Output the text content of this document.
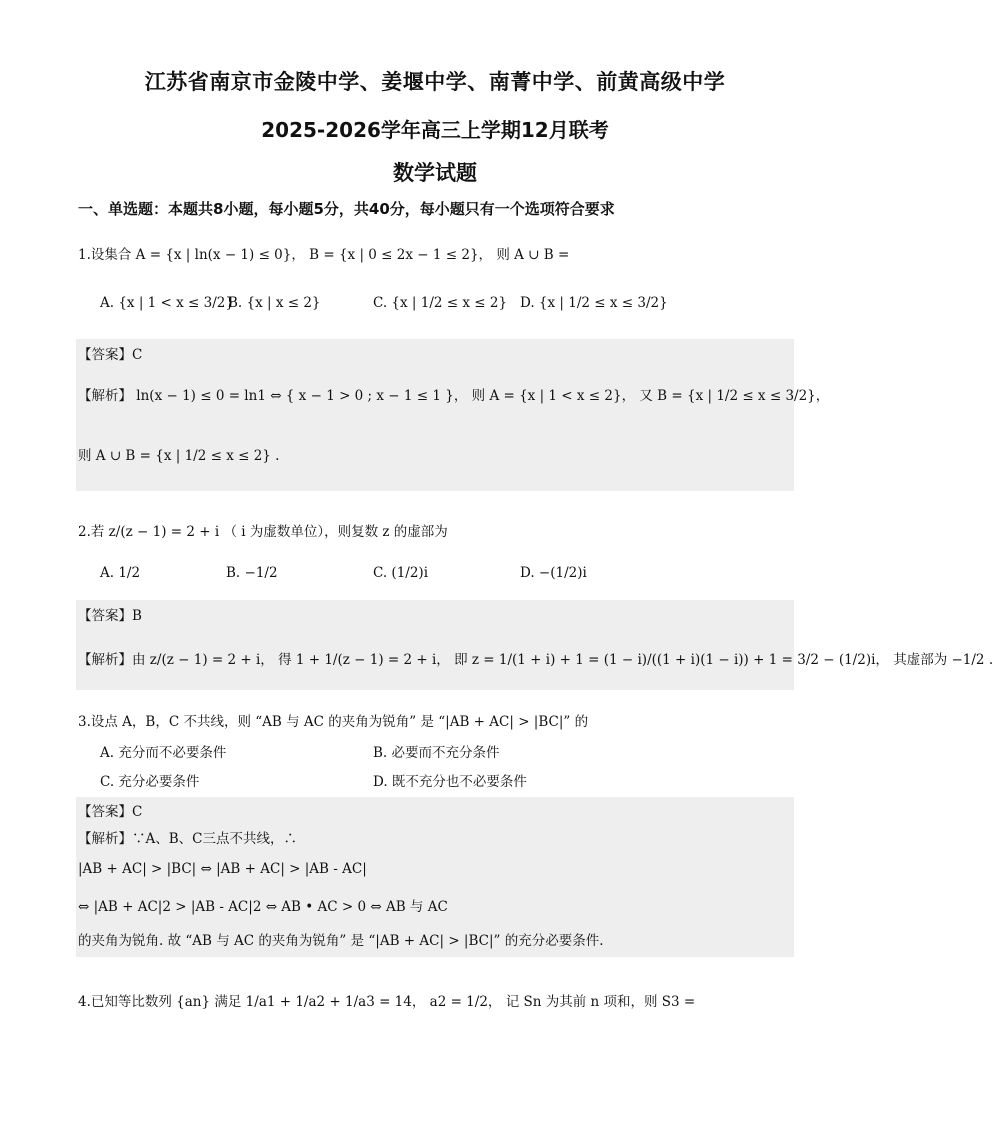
江苏省南京市金陵中学、姜堰中学、南菁中学、前黄高级中学
2025-2026学年高三上学期12月联考
数学试题
一、单选题：本题共8小题，每小题5分，共40分，每小题只有一个选项符合要求
1.设集合 A = {x | ln(x − 1) ≤ 0}， B = {x | 0 ≤ 2x − 1 ≤ 2}， 则 A ∪ B =
A. {x | 1 < x ≤ 3/2}
B. {x | x ≤ 2}	C. {x | 1/2 ≤ x ≤ 2} D. {x | 1/2 ≤ x ≤ 3/2}
【答案】C
【解析】 ln(x − 1) ≤ 0 = ln1 ⇔ { x − 1 > 0 ; x − 1 ≤ 1 }， 则 A = {x | 1 < x ≤ 2}， 又 B = {x | 1/2 ≤ x ≤ 3/2}，
则 A ∪ B = {x | 1/2 ≤ x ≤ 2} .
2.若 z/(z − 1) = 2 + i （ i 为虚数单位），则复数 z 的虚部为
A. 1/2	B. −1/2	C. (1/2)i	D. −(1/2)i
【答案】B
【解析】由 z/(z − 1) = 2 + i， 得 1 + 1/(z − 1) = 2 + i， 即 z = 1/(1 + i) + 1 = (1 − i)/((1 + i)(1 − i)) + 1 = 3/2 − (1/2)i， 其虚部为 −1/2 .
3.设点 A，B，C 不共线，则 “AB 与 AC 的夹角为锐角” 是 “|AB + AC| > |BC|” 的
A. 充分而不必要条件	B. 必要而不充分条件
C. 充分必要条件	D. 既不充分也不必要条件
【答案】C
【解析】∵A、B、C三点不共线，∴
|AB + AC| > |BC| ⇔ |AB + AC| > |AB - AC|
⇔ |AB + AC|2 > |AB - AC|2 ⇔ AB • AC > 0 ⇔ AB 与 AC
的夹角为锐角. 故 “AB 与 AC 的夹角为锐角” 是 “|AB + AC| > |BC|” 的充分必要条件.
4.已知等比数列 {an} 满足 1/a1 + 1/a2 + 1/a3 = 14， a2 = 1/2， 记 Sn 为其前 n 项和，则 S3 =
